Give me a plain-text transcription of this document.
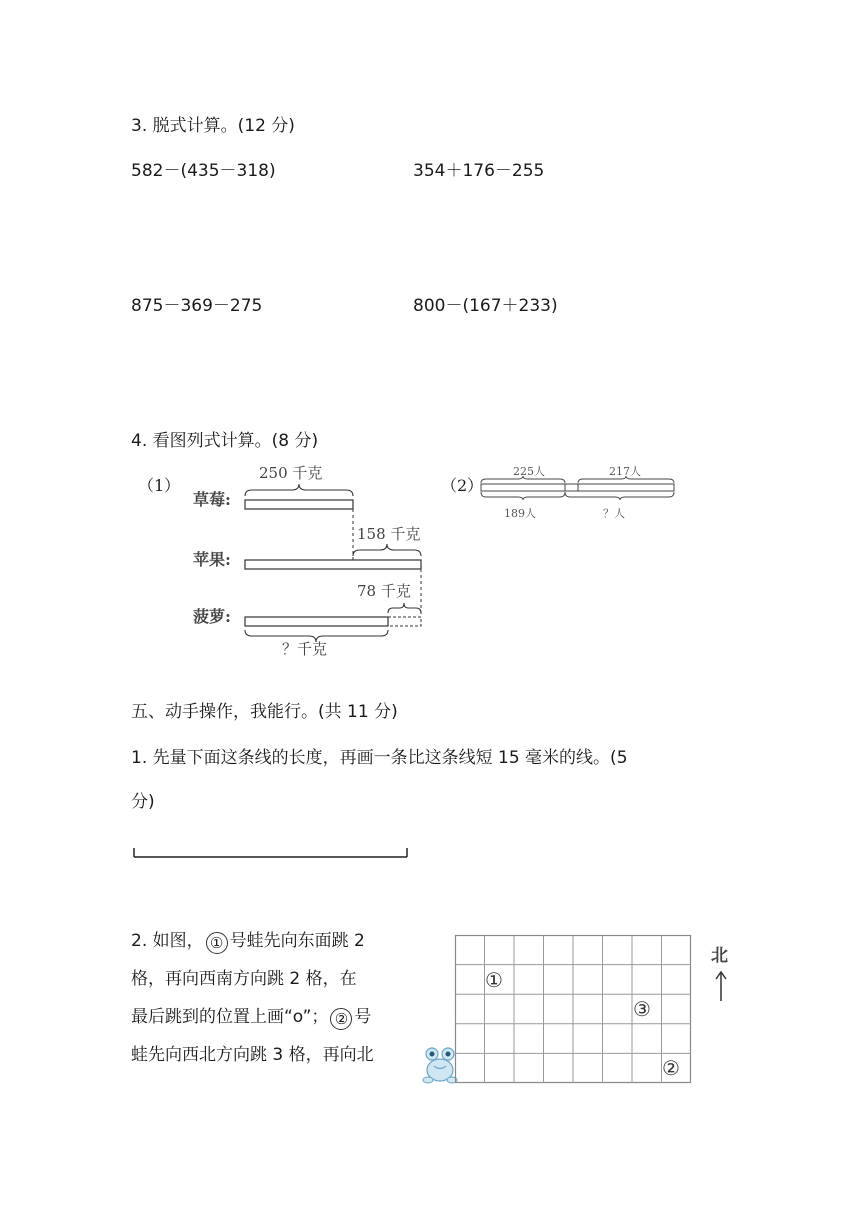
3. 脱式计算。(12 分)
582－(435－318)	354＋176－255
875－369－275	800－(167＋233)
4. 看图列式计算。(8 分)
（1）
草莓:
苹果:
菠萝:
250 千克
158 千克
78 千克
？千克
（2）
225人	217人
189人	？人
五、动手操作，我能行。(共 11 分)
1. 先量下面这条线的长度，再画一条比这条线短 15 毫米的线。(5
分)
2. 如图， ① 号蛙先向东面跳 2
格，再向西南方向跳 2 格，在
最后跳到的位置上画“o”； ② 号
蛙先向西北方向跳 3 格，再向北
①
③
②
北
